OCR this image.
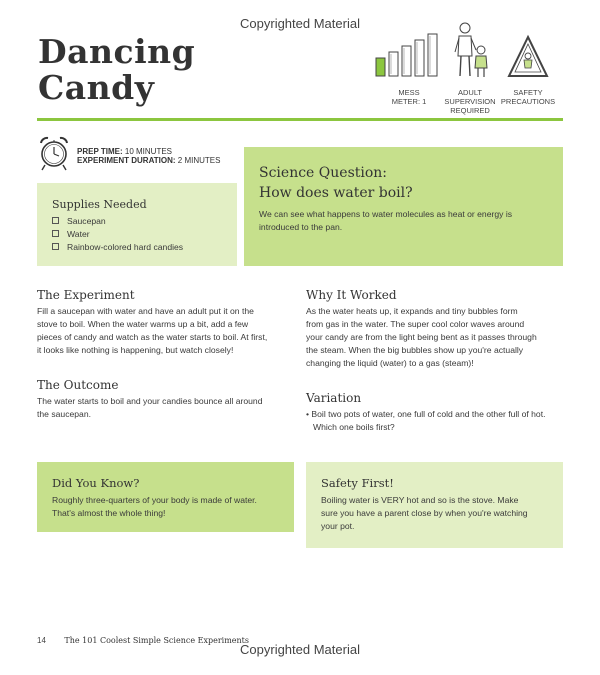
Copyrighted Material
Dancing
Candy	MESS
METER: 1
ADULT
SUPERVISION
REQUIRED
SAFETY
PRECAUTIONS
PREP TIME: 10 MINUTES
EXPERIMENT DURATION: 2 MINUTES
Supplies Needed
Saucepan
Water
Rainbow-colored hard candies
Science Question:
How does water boil?
We can see what happens to water molecules as heat or energy is introduced to the pan.
The Experiment
Fill a saucepan with water and have an adult put it on the
stove to boil. When the water warms up a bit, add a few
pieces of candy and watch as the water starts to boil. At first,
it looks like nothing is happening, but watch closely!
Why It Worked
As the water heats up, it expands and tiny bubbles form
from gas in the water. The super cool color waves around
your candy are from the light being bent as it passes through
the steam. When the big bubbles show up you're actually
changing the liquid (water) to a gas (steam)!
The Outcome
The water starts to boil and your candies bounce all around
the saucepan.
Variation
• Boil two pots of water, one full of cold and the other full of hot. Which one boils first?
Did You Know?
Roughly three-quarters of your body is made of water.
That's almost the whole thing!
Safety First!
Boiling water is VERY hot and so is the stove. Make
sure you have a parent close by when you're watching
your pot.
14 The 101 Coolest Simple Science Experiments
Copyrighted Material
